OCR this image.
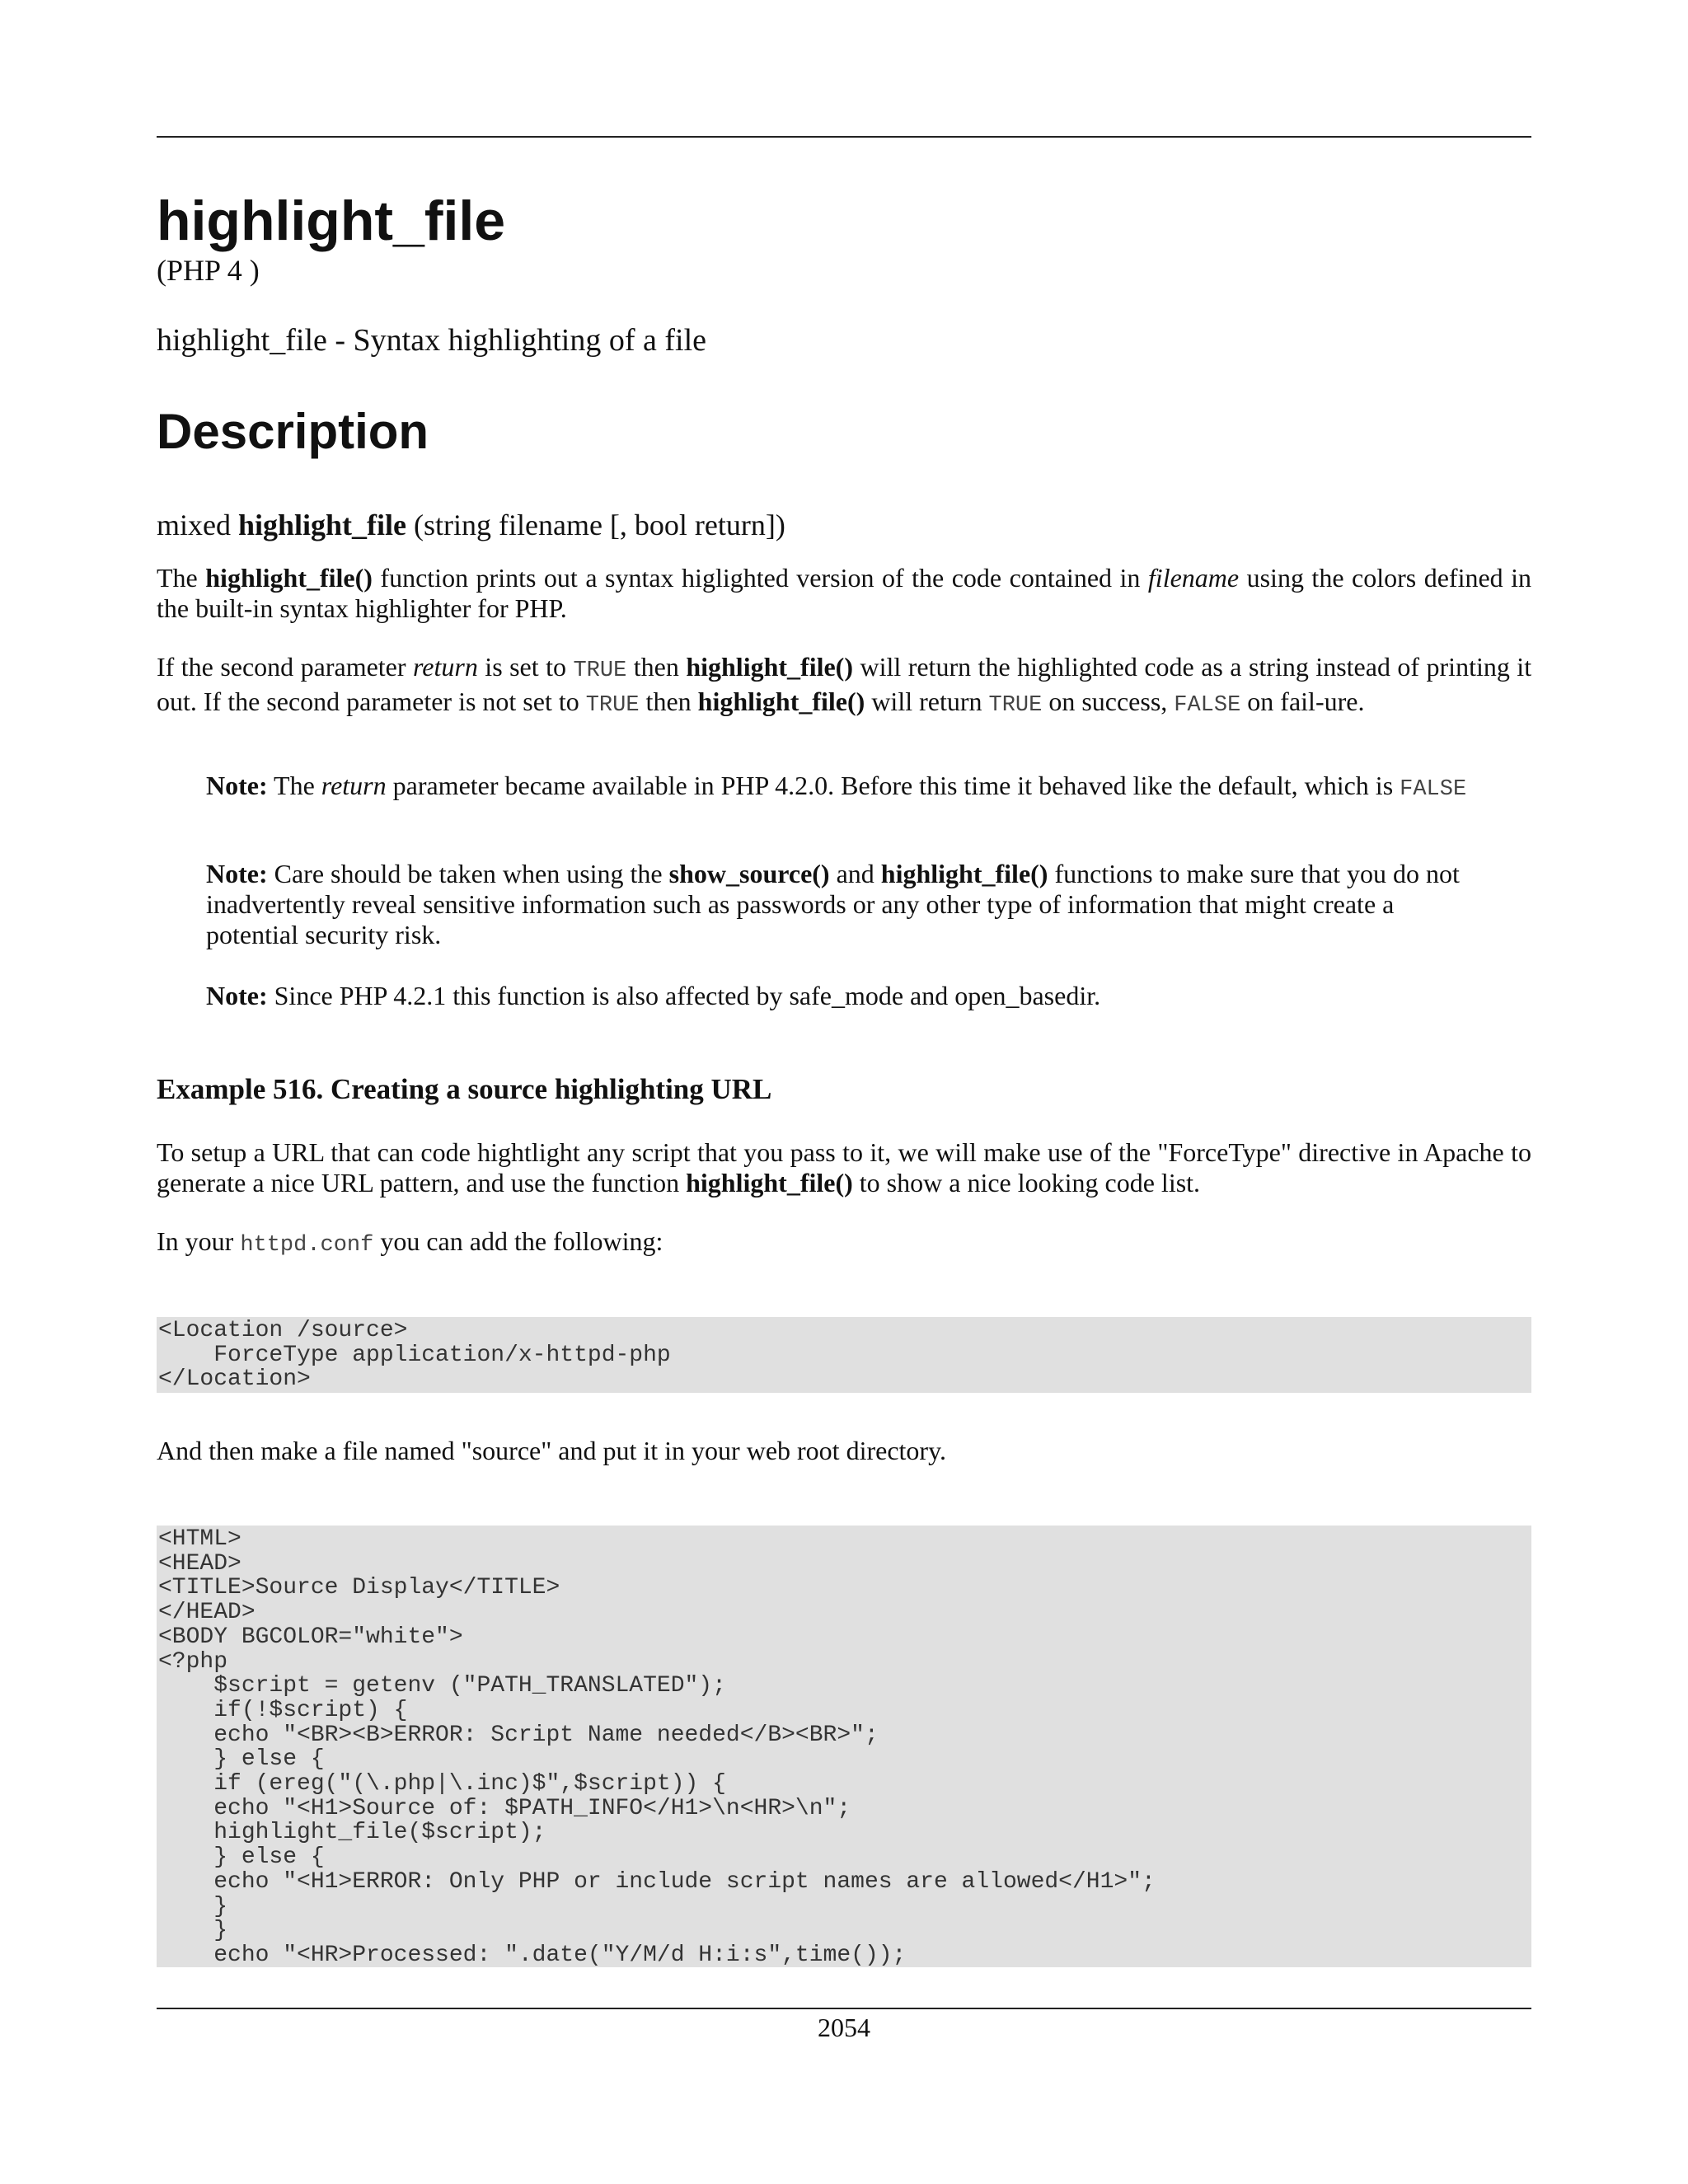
highlight_file
(PHP 4 )
highlight_file - Syntax highlighting of a file
Description
mixed highlight_file (string filename [, bool return])

The highlight_file() function prints out a syntax higlighted version of the code contained in filename using the colors defined in the built-in syntax highlighter for PHP.

If the second parameter return is set to TRUE then highlight_file() will return the highlighted code as a string instead of printing it out. If the second parameter is not set to TRUE then highlight_file() will return TRUE on success, FALSE on fail-ure.

Note: The return parameter became available in PHP 4.2.0. Before this time it behaved like the default, which is FALSE

Note: Care should be taken when using the show_source() and highlight_file() functions to make sure that you do not inadvertently reveal sensitive information such as passwords or any other type of information that might create a potential security risk.

Note: Since PHP 4.2.1 this function is also affected by safe_mode and open_basedir.

Example 516. Creating a source highlighting URL

To setup a URL that can code hightlight any script that you pass to it, we will make use of the "ForceType" directive in Apache to generate a nice URL pattern, and use the function highlight_file() to show a nice looking code list.

In your httpd.conf you can add the following:

<Location /source>
ForceType application/x-httpd-php
</Location>

And then make a file named "source" and put it in your web root directory.

<HTML>
<HEAD>
<TITLE>Source Display</TITLE>
</HEAD>
<BODY BGCOLOR="white">
<?php
$script = getenv ("PATH_TRANSLATED");
if(!$script) {
echo "<BR><B>ERROR: Script Name needed</B><BR>";
} else {
if (ereg("(\.php|\.inc)$",$script)) {
echo "<H1>Source of: $PATH_INFO</H1>\n<HR>\n";
highlight_file($script);
} else {
echo "<H1>ERROR: Only PHP or include script names are allowed</H1>";
}
}
echo "<HR>Processed: ".date("Y/M/d H:i:s",time());
2054
